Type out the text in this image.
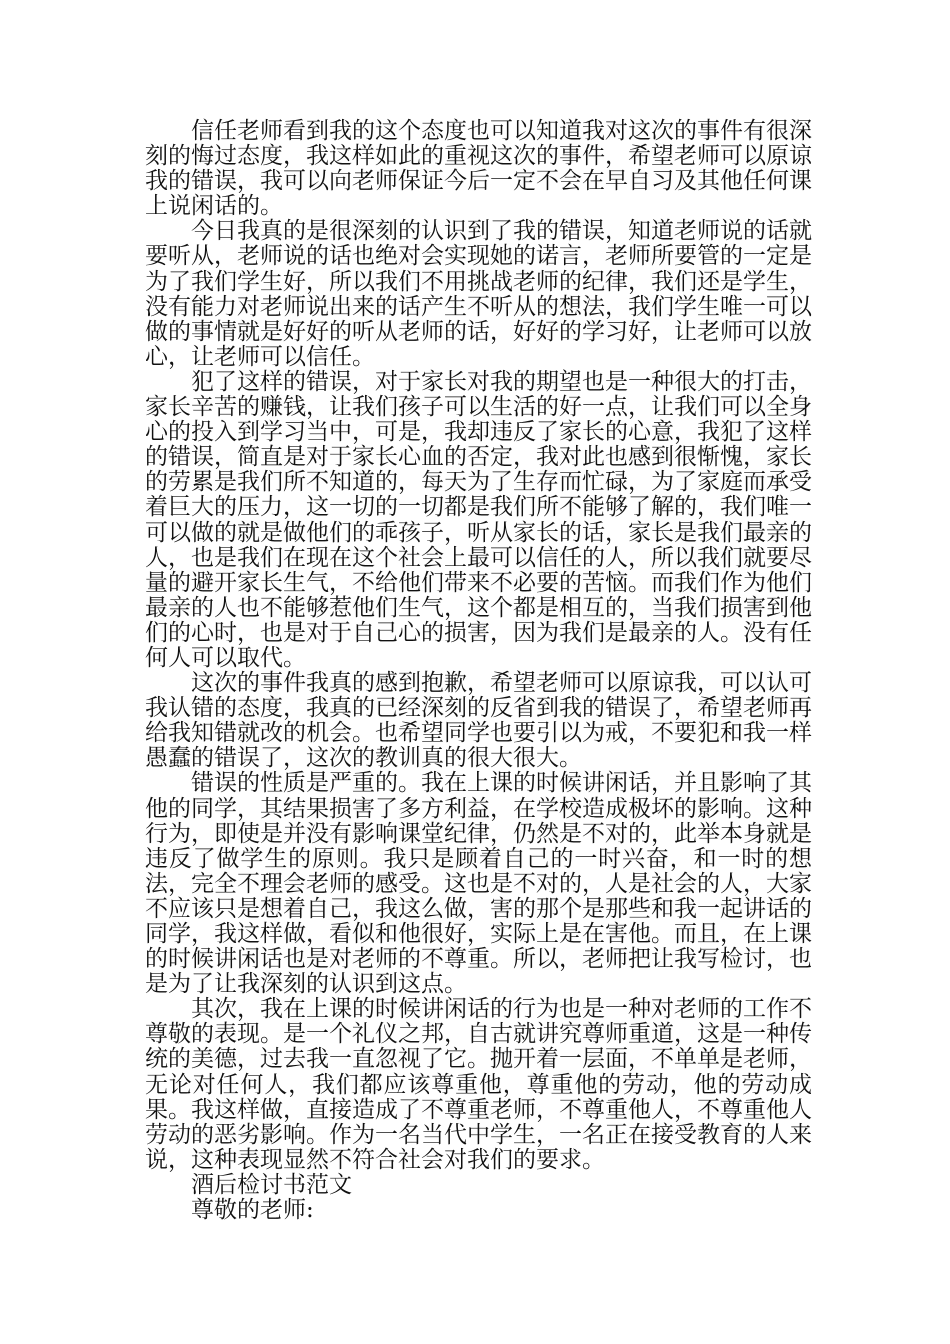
信任老师看到我的这个态度也可以知道我对这次的事件有很深刻的悔过态度，我这样如此的重视这次的事件，希望老师可以原谅我的错误，我可以向老师保证今后一定不会在早自习及其他任何课上说闲话的。

今日我真的是很深刻的认识到了我的错误，知道老师说的话就要听从，老师说的话也绝对会实现她的诺言，老师所要管的一定是为了我们学生好，所以我们不用挑战老师的纪律，我们还是学生，没有能力对老师说出来的话产生不听从的想法，我们学生唯一可以做的事情就是好好的听从老师的话，好好的学习好，让老师可以放心，让老师可以信任。

犯了这样的错误，对于家长对我的期望也是一种很大的打击，家长辛苦的赚钱，让我们孩子可以生活的好一点，让我们可以全身心的投入到学习当中，可是，我却违反了家长的心意，我犯了这样的错误，简直是对于家长心血的否定，我对此也感到很惭愧，家长的劳累是我们所不知道的，每天为了生存而忙碌，为了家庭而承受着巨大的压力，这一切的一切都是我们所不能够了解的，我们唯一可以做的就是做他们的乖孩子，听从家长的话，家长是我们最亲的人，也是我们在现在这个社会上最可以信任的人，所以我们就要尽量的避开家长生气，不给他们带来不必要的苦恼。而我们作为他们最亲的人也不能够惹他们生气，这个都是相互的，当我们损害到他们的心时，也是对于自己心的损害，因为我们是最亲的人。没有任何人可以取代。

这次的事件我真的感到抱歉，希望老师可以原谅我，可以认可我认错的态度，我真的已经深刻的反省到我的错误了，希望老师再给我知错就改的机会。也希望同学也要引以为戒，不要犯和我一样愚蠢的错误了，这次的教训真的很大很大。

错误的性质是严重的。我在上课的时候讲闲话，并且影响了其他的同学，其结果损害了多方利益，在学校造成极坏的影响。这种行为，即使是并没有影响课堂纪律，仍然是不对的，此举本身就是违反了做学生的原则。我只是顾着自己的一时兴奋，和一时的想法，完全不理会老师的感受。这也是不对的，人是社会的人，大家不应该只是想着自己，我这么做，害的那个是那些和我一起讲话的同学，我这样做，看似和他很好，实际上是在害他。而且，在上课的时候讲闲话也是对老师的不尊重。所以，老师把让我写检讨，也是为了让我深刻的认识到这点。

其次，我在上课的时候讲闲话的行为也是一种对老师的工作不尊敬的表现。是一个礼仪之邦，自古就讲究尊师重道，这是一种传统的美德，过去我一直忽视了它。抛开着一层面，不单单是老师，无论对任何人，我们都应该尊重他，尊重他的劳动，他的劳动成果。我这样做，直接造成了不尊重老师，不尊重他人，不尊重他人劳动的恶劣影响。作为一名当代中学生，一名正在接受教育的人来说，这种表现显然不符合社会对我们的要求。

酒后检讨书范文

尊敬的老师:
